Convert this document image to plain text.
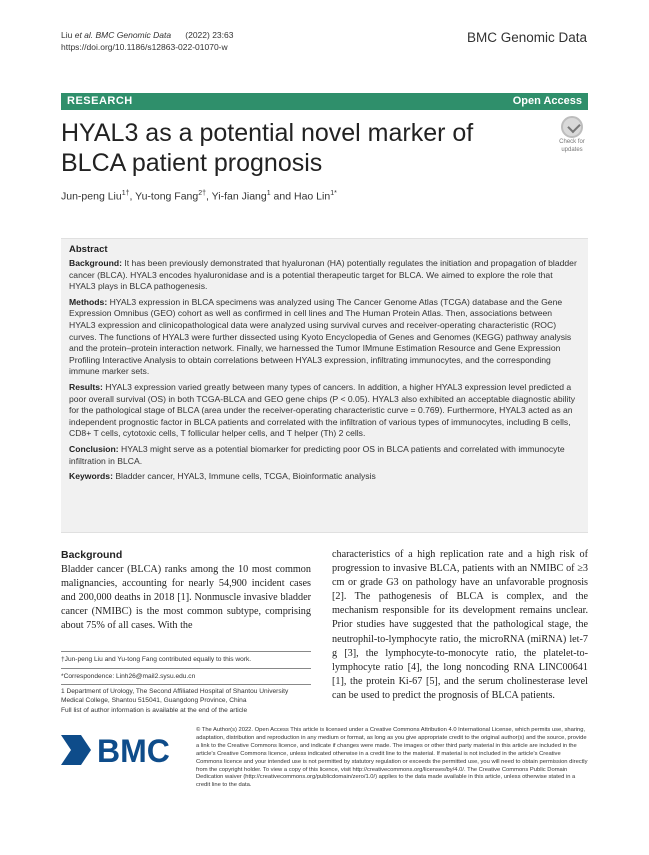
Liu et al. BMC Genomic Data (2022) 23:63
https://doi.org/10.1186/s12863-022-01070-w
BMC Genomic Data
RESEARCH	Open Access
HYAL3 as a potential novel marker of BLCA patient prognosis
Check for
updates
Jun-peng Liu$^{1\dagger}$, Yu-tong Fang$^{2\dagger}$, Yi-fan Jiang$^1$ and Hao Lin$^{1*}$
Abstract

Background: It has been previously demonstrated that hyaluronan (HA) potentially regulates the initiation and propagation of bladder cancer (BLCA). HYAL3 encodes hyaluronidase and is a potential therapeutic target for BLCA. We aimed to explore the role that HYAL3 plays in BLCA pathogenesis.

Methods: HYAL3 expression in BLCA specimens was analyzed using The Cancer Genome Atlas (TCGA) database and the Gene Expression Omnibus (GEO) cohort as well as confirmed in cell lines and The Human Protein Atlas. Then, associations between HYAL3 expression and clinicopathological data were analyzed using survival curves and receiver-operating characteristic (ROC) curves. The functions of HYAL3 were further dissected using Kyoto Encyclopedia of Genes and Genomes (KEGG) pathway analysis and the protein–protein interaction network. Finally, we harnessed the Tumor IMmune Estimation Resource and Gene Expression Profiling Interactive Analysis to obtain correlations between HYAL3 expression, infiltrating immunocytes, and the corresponding immune marker sets.

Results: HYAL3 expression varied greatly between many types of cancers. In addition, a higher HYAL3 expression level predicted a poor overall survival (OS) in both TCGA-BLCA and GEO gene chips (P < 0.05). HYAL3 also exhibited an acceptable diagnostic ability for the pathological stage of BLCA (area under the receiver-operating characteristic curve = 0.769). Furthermore, HYAL3 acted as an independent prognostic factor in BLCA patients and correlated with the infiltration of various types of immunocytes, including B cells, CD8+ T cells, cytotoxic cells, T follicular helper cells, and T helper (Th) 2 cells.

Conclusion: HYAL3 might serve as a potential biomarker for predicting poor OS in BLCA patients and correlated with immunocyte infiltration in BLCA.

Keywords: Bladder cancer, HYAL3, Immune cells, TCGA, Bioinformatic analysis

Background
Bladder cancer (BLCA) ranks among the 10 most common malignancies, accounting for nearly 54,900 incident cases and 200,000 deaths in 2018 [1]. Nonmuscle invasive bladder cancer (NMIBC) is the most common subtype, comprising about 75% of all cases. With the
characteristics of a high replication rate and a high risk of progression to invasive BLCA, patients with an NMIBC of ≥3 cm or grade G3 on pathology have an unfavorable prognosis [2]. The pathogenesis of BLCA is complex, and the mechanism responsible for its development remains unclear. Prior studies have suggested that the pathological stage, the neutrophil-to-lymphocyte ratio, the microRNA (miRNA) let-7 g [3], the lymphocyte-to-monocyte ratio, the platelet-to-lymphocyte ratio [4], the long noncoding RNA LINC00641 [1], the protein Ki-67 [5], and the serum cholinesterase level can be used to predict the prognosis of BLCA patients.
†Jun-peng Liu and Yu-tong Fang contributed equally to this work.
*Correspondence: Linh26@mail2.sysu.edu.cn
1 Department of Urology, The Second Affiliated Hospital of Shantou University Medical College, Shantou 515041, Guangdong Province, China
Full list of author information is available at the end of the article
BMC
© The Author(s) 2022. Open Access This article is licensed under a Creative Commons Attribution 4.0 International License, which permits use, sharing, adaptation, distribution and reproduction in any medium or format, as long as you give appropriate credit to the original author(s) and the source, provide a link to the Creative Commons licence, and indicate if changes were made. The images or other third party material in this article are included in the article's Creative Commons licence, unless indicated otherwise in a credit line to the material. If material is not included in the article's Creative Commons licence and your intended use is not permitted by statutory regulation or exceeds the permitted use, you will need to obtain permission directly from the copyright holder. To view a copy of this licence, visit http://creativecommons.org/licenses/by/4.0/. The Creative Commons Public Domain Dedication waiver (http://creativecommons.org/publicdomain/zero/1.0/) applies to the data made available in this article, unless otherwise stated in a credit line to the data.
